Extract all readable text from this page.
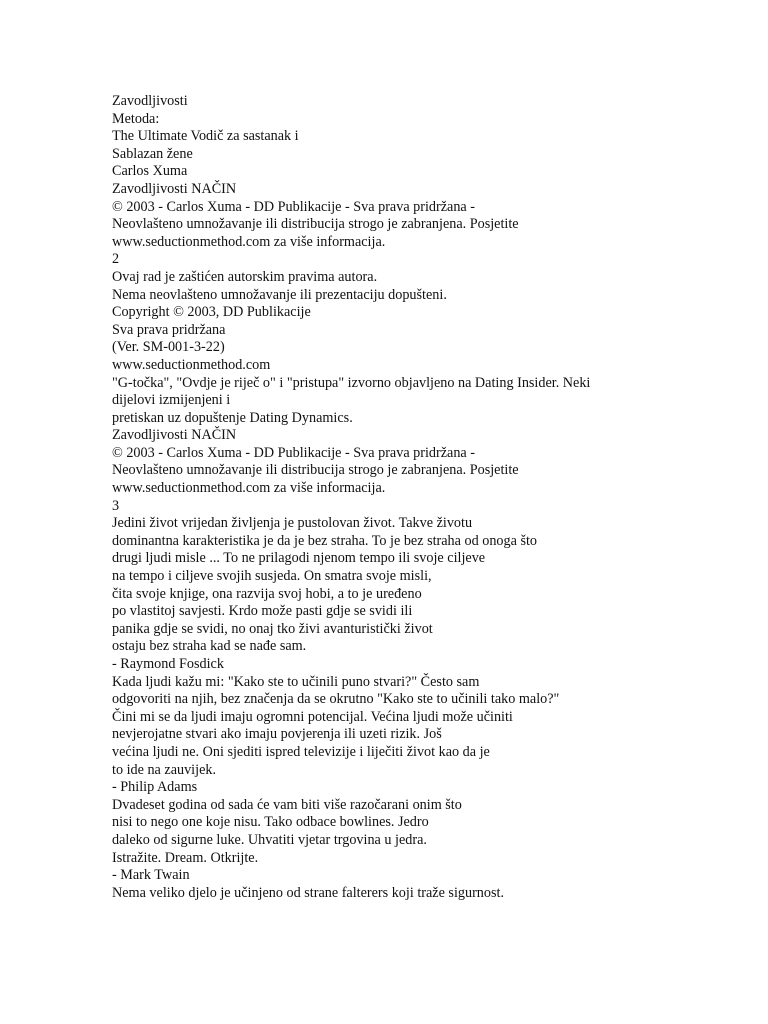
Zavodljivosti
Metoda:
The Ultimate Vodič za sastanak i
Sablazan žene
Carlos Xuma
Zavodljivosti NAČIN
© 2003 - Carlos Xuma - DD Publikacije - Sva prava pridržana -
Neovlašteno umnožavanje ili distribucija strogo je zabranjena. Posjetite
www.seductionmethod.com za više informacija.
2
Ovaj rad je zaštićen autorskim pravima autora.
Nema neovlašteno umnožavanje ili prezentaciju dopušteni.
Copyright © 2003, DD Publikacije
Sva prava pridržana
(Ver. SM-001-3-22)
www.seductionmethod.com
"G-točka", "Ovdje je riječ o" i "pristupa" izvorno objavljeno na Dating Insider. Neki
dijelovi izmijenjeni i
pretiskan uz dopuštenje Dating Dynamics.
Zavodljivosti NAČIN
© 2003 - Carlos Xuma - DD Publikacije - Sva prava pridržana -
Neovlašteno umnožavanje ili distribucija strogo je zabranjena. Posjetite
www.seductionmethod.com za više informacija.
3
Jedini život vrijedan življenja je pustolovan život. Takve životu
dominantna karakteristika je da je bez straha. To je bez straha od onoga što
drugi ljudi misle ... To ne prilagodi njenom tempo ili svoje ciljeve
na tempo i ciljeve svojih susjeda. On smatra svoje misli,
čita svoje knjige, ona razvija svoj hobi, a to je uređeno
po vlastitoj savjesti. Krdo može pasti gdje se svidi ili
panika gdje se svidi, no onaj tko živi avanturistički život
ostaju bez straha kad se nađe sam.
- Raymond Fosdick
Kada ljudi kažu mi: "Kako ste to učinili puno stvari?" Često sam
odgovoriti na njih, bez značenja da se okrutno "Kako ste to učinili tako malo?"
Čini mi se da ljudi imaju ogromni potencijal. Većina ljudi može učiniti
nevjerojatne stvari ako imaju povjerenja ili uzeti rizik. Još
većina ljudi ne. Oni sjediti ispred televizije i liječiti život kao da je
to ide na zauvijek.
- Philip Adams
Dvadeset godina od sada će vam biti više razočarani onim što
nisi to nego one koje nisu. Tako odbace bowlines. Jedro
daleko od sigurne luke. Uhvatiti vjetar trgovina u jedra.
Istražite. Dream. Otkrijte.
- Mark Twain
Nema veliko djelo je učinjeno od strane falterers koji traže sigurnost.
